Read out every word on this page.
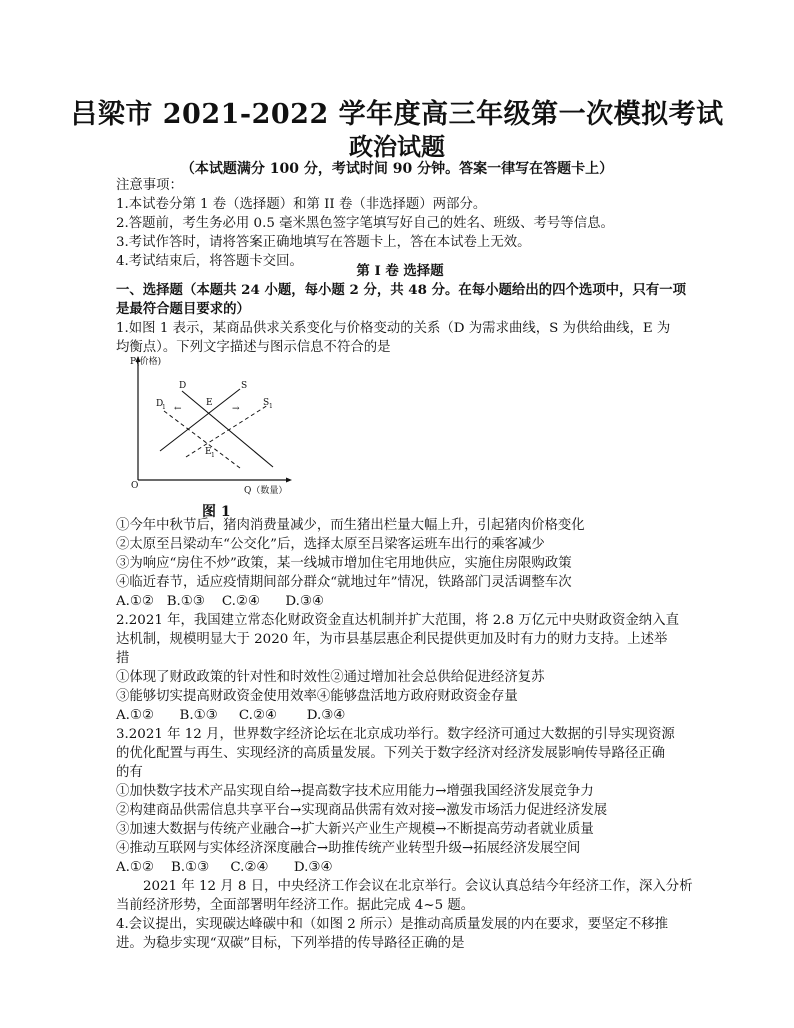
吕梁市 2021-2022 学年度高三年级第一次模拟考试
政治试题
（本试题满分 100 分，考试时间 90 分钟。答案一律写在答题卡上）
注意事项：
1.本试卷分第 1 卷（选择题）和第 II 卷（非选择题）两部分。
2.答题前，考生务必用 0.5 毫米黑色签字笔填写好自己的姓名、班级、考号等信息。
3.考试作答时，请将答案正确地填写在答题卡上，答在本试卷上无效。
4.考试结束后，将答题卡交回。
第 I 卷 选择题
一、选择题（本题共 24 小题，每小题 2 分，共 48 分。在每小题给出的四个选项中，只有一项
是最符合题目要求的）
1.如图 1 表示，某商品供求关系变化与价格变动的关系（D 为需求曲线，S 为供给曲线，E 为
均衡点）。下列文字描述与图示信息不符合的是
P(价格)
O	Q（数量）
D
D
1
S
S 1
E
E 1
←	→
图 1
①今年中秋节后，猪肉消费量减少，而生猪出栏量大幅上升，引起猪肉价格变化
②太原至吕梁动车“公交化”后，选择太原至吕梁客运班车出行的乘客减少
③为响应“房住不炒”政策，某一线城市增加住宅用地供应，实施住房限购政策
④临近春节，适应疫情期间部分群众“就地过年”情况，铁路部门灵活调整车次
A.①②   B.①③    C.②④      D.③④
2.2021 年，我国建立常态化财政资金直达机制并扩大范围，将 2.8 万亿元中央财政资金纳入直
达机制，规模明显大于 2020 年，为市县基层惠企利民提供更加及时有力的财力支持。上述举
措
①体现了财政政策的针对性和时效性②通过增加社会总供给促进经济复苏
③能够切实提高财政资金使用效率④能够盘活地方政府财政资金存量
A.①②      B.①③     C.②④       D.③④
3.2021 年 12 月，世界数字经济论坛在北京成功举行。数字经济可通过大数据的引导实现资源
的优化配置与再生、实现经济的高质量发展。下列关于数字经济对经济发展影响传导路径正确
的有
①加快数字技术产品实现自给→提高数字技术应用能力→增强我国经济发展竞争力
②构建商品供需信息共享平台→实现商品供需有效对接→激发市场活力促进经济发展
③加速大数据与传统产业融合→扩大新兴产业生产规模→不断提高劳动者就业质量
④推动互联网与实体经济深度融合→助推传统产业转型升级→拓展经济发展空间
A.①②    B.①③     C.②④      D.③④
2021 年 12 月 8 日，中央经济工作会议在北京举行。会议认真总结今年经济工作，深入分析
当前经济形势，全面部署明年经济工作。据此完成 4~5 题。
4.会议提出，实现碳达峰碳中和（如图 2 所示）是推动高质量发展的内在要求，要坚定不移推
进。为稳步实现“双碳”目标，下列举措的传导路径正确的是
